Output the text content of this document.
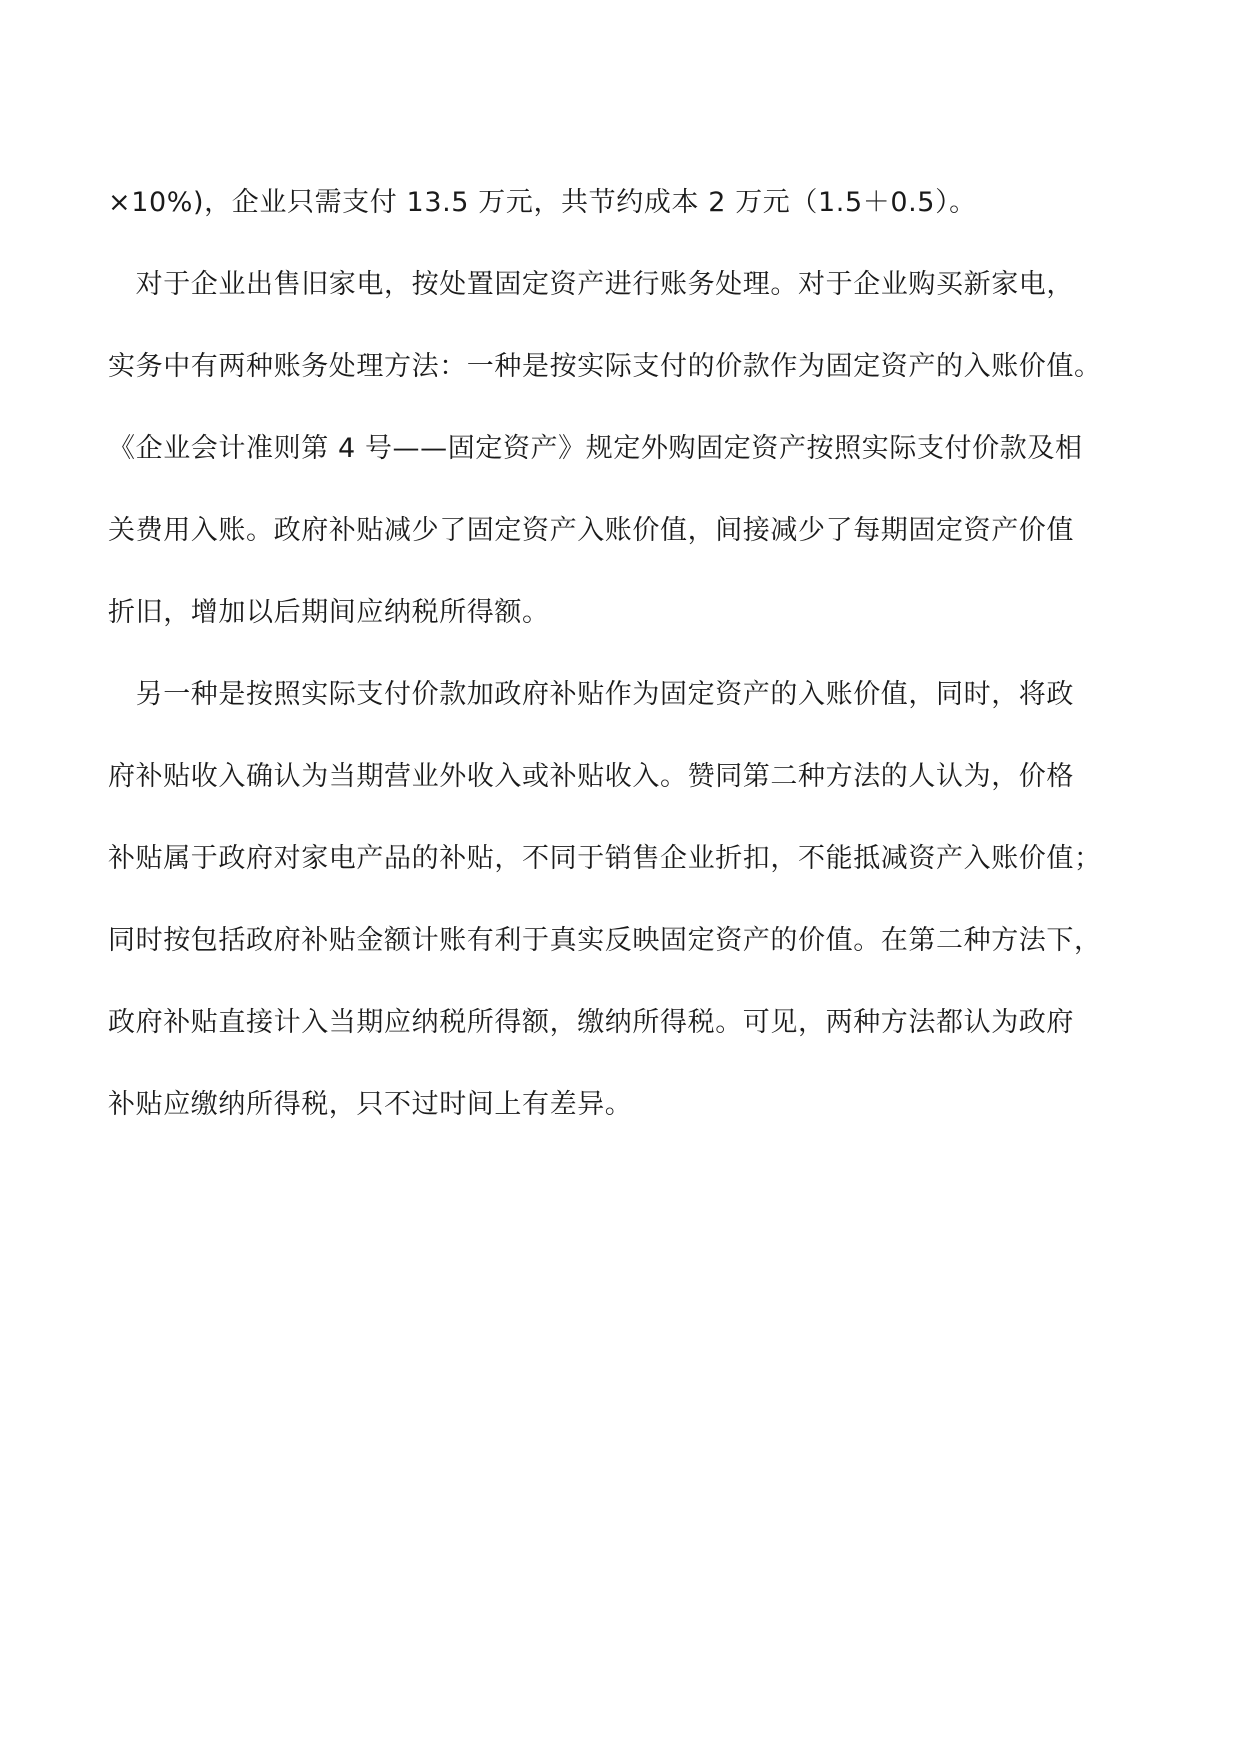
×10%)，企业只需支付 13.5 万元，共节约成本 2 万元（1.5＋0.5）。
　对于企业出售旧家电，按处置固定资产进行账务处理。对于企业购买新家电，
实务中有两种账务处理方法：一种是按实际支付的价款作为固定资产的入账价值。
《企业会计准则第 4 号——固定资产》规定外购固定资产按照实际支付价款及相
关费用入账。政府补贴减少了固定资产入账价值，间接减少了每期固定资产价值
折旧，增加以后期间应纳税所得额。
　另一种是按照实际支付价款加政府补贴作为固定资产的入账价值，同时，将政
府补贴收入确认为当期营业外收入或补贴收入。赞同第二种方法的人认为，价格
补贴属于政府对家电产品的补贴，不同于销售企业折扣，不能抵减资产入账价值；
同时按包括政府补贴金额计账有利于真实反映固定资产的价值。在第二种方法下，
政府补贴直接计入当期应纳税所得额，缴纳所得税。可见，两种方法都认为政府
补贴应缴纳所得税，只不过时间上有差异。
